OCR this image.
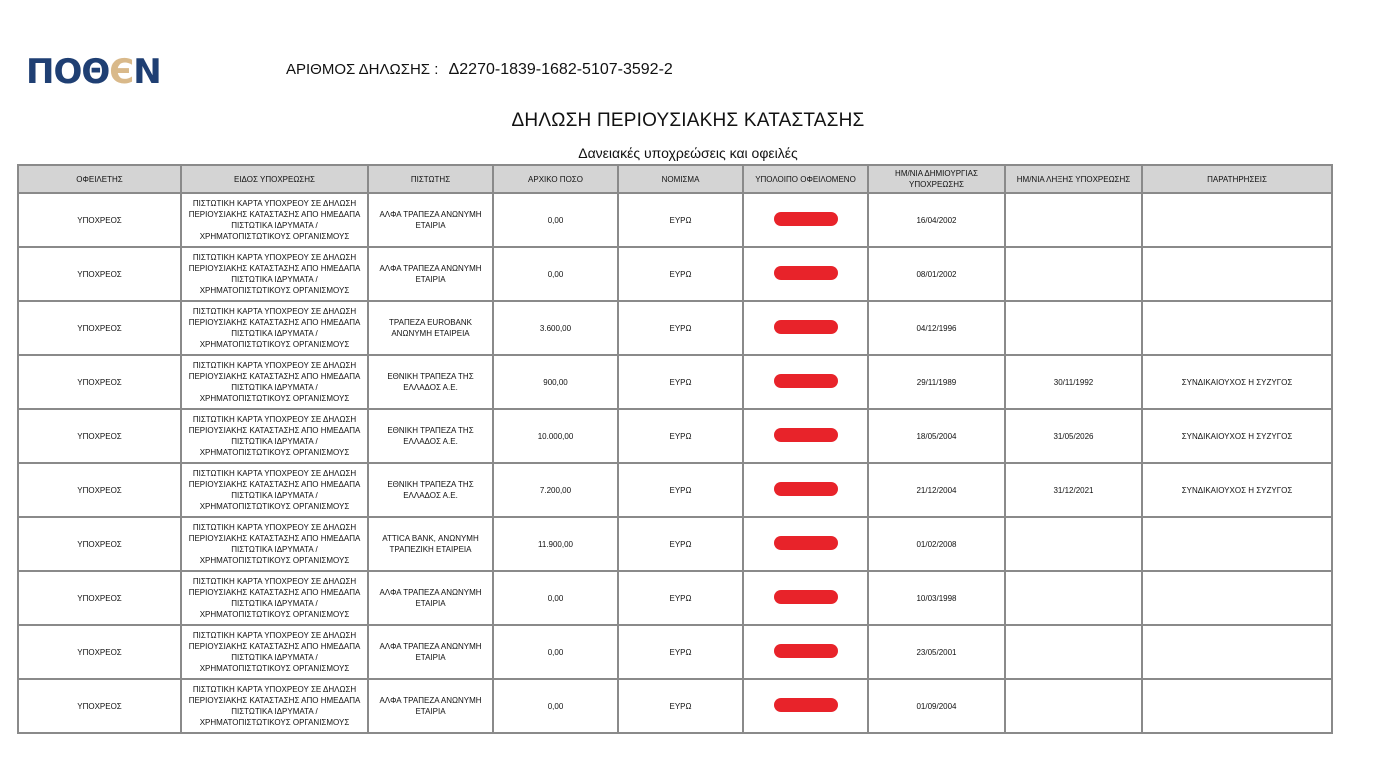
ΠΟΘЄΝ	ΑΡΙΘΜΟΣ ΔΗΛΩΣΗΣ : Δ2270-1839-1682-5107-3592-2
ΔΗΛΩΣΗ ΠΕΡΙΟΥΣΙΑΚΗΣ ΚΑΤΑΣΤΑΣΗΣ
Δανειακές υποχρεώσεις και οφειλές
ΟΦΕΙΛΕΤΗΣ	ΕΙΔΟΣ ΥΠΟΧΡΕΩΣΗΣ	ΠΙΣΤΩΤΗΣ	ΑΡΧΙΚΟ ΠΟΣΟ	ΝΟΜΙΣΜΑ	ΥΠΟΛΟΙΠΟ ΟΦΕΙΛΟΜΕΝΟ	ΗΜ/ΝΙΑ ΔΗΜΙΟΥΡΓΙΑΣ ΥΠΟΧΡΕΩΣΗΣ	ΗΜ/ΝΙΑ ΛΗΞΗΣ ΥΠΟΧΡΕΩΣΗΣ	ΠΑΡΑΤΗΡΗΣΕΙΣ
ΥΠΟΧΡΕΟΣ	ΠΙΣΤΩΤΙΚΗ ΚΑΡΤΑ ΥΠΟΧΡΕΟΥ ΣΕ ΔΗΛΩΣΗ ΠΕΡΙΟΥΣΙΑΚΗΣ ΚΑΤΑΣΤΑΣΗΣ ΑΠΟ ΗΜΕΔΑΠΑ ΠΙΣΤΩΤΙΚΑ ΙΔΡΥΜΑΤΑ / ΧΡΗΜΑΤΟΠΙΣΤΩΤΙΚΟΥΣ ΟΡΓΑΝΙΣΜΟΥΣ	ΑΛΦΑ ΤΡΑΠΕΖΑ ΑΝΩΝΥΜΗ ΕΤΑΙΡΙΑ	0,00	ΕΥΡΩ		16/04/2002		
ΥΠΟΧΡΕΟΣ	ΠΙΣΤΩΤΙΚΗ ΚΑΡΤΑ ΥΠΟΧΡΕΟΥ ΣΕ ΔΗΛΩΣΗ ΠΕΡΙΟΥΣΙΑΚΗΣ ΚΑΤΑΣΤΑΣΗΣ ΑΠΟ ΗΜΕΔΑΠΑ ΠΙΣΤΩΤΙΚΑ ΙΔΡΥΜΑΤΑ / ΧΡΗΜΑΤΟΠΙΣΤΩΤΙΚΟΥΣ ΟΡΓΑΝΙΣΜΟΥΣ	ΑΛΦΑ ΤΡΑΠΕΖΑ ΑΝΩΝΥΜΗ ΕΤΑΙΡΙΑ	0,00	ΕΥΡΩ		08/01/2002		
ΥΠΟΧΡΕΟΣ	ΠΙΣΤΩΤΙΚΗ ΚΑΡΤΑ ΥΠΟΧΡΕΟΥ ΣΕ ΔΗΛΩΣΗ ΠΕΡΙΟΥΣΙΑΚΗΣ ΚΑΤΑΣΤΑΣΗΣ ΑΠΟ ΗΜΕΔΑΠΑ ΠΙΣΤΩΤΙΚΑ ΙΔΡΥΜΑΤΑ / ΧΡΗΜΑΤΟΠΙΣΤΩΤΙΚΟΥΣ ΟΡΓΑΝΙΣΜΟΥΣ	ΤΡΑΠΕΖΑ EUROBANK ΑΝΩΝΥΜΗ ΕΤΑΙΡΕΙΑ	3.600,00	ΕΥΡΩ		04/12/1996		
ΥΠΟΧΡΕΟΣ	ΠΙΣΤΩΤΙΚΗ ΚΑΡΤΑ ΥΠΟΧΡΕΟΥ ΣΕ ΔΗΛΩΣΗ ΠΕΡΙΟΥΣΙΑΚΗΣ ΚΑΤΑΣΤΑΣΗΣ ΑΠΟ ΗΜΕΔΑΠΑ ΠΙΣΤΩΤΙΚΑ ΙΔΡΥΜΑΤΑ / ΧΡΗΜΑΤΟΠΙΣΤΩΤΙΚΟΥΣ ΟΡΓΑΝΙΣΜΟΥΣ	ΕΘΝΙΚΗ ΤΡΑΠΕΖΑ ΤΗΣ ΕΛΛΑΔΟΣ Α.Ε.	900,00	ΕΥΡΩ		29/11/1989	30/11/1992	ΣΥΝΔΙΚΑΙΟΥΧΟΣ Η ΣΥΖΥΓΟΣ
ΥΠΟΧΡΕΟΣ	ΠΙΣΤΩΤΙΚΗ ΚΑΡΤΑ ΥΠΟΧΡΕΟΥ ΣΕ ΔΗΛΩΣΗ ΠΕΡΙΟΥΣΙΑΚΗΣ ΚΑΤΑΣΤΑΣΗΣ ΑΠΟ ΗΜΕΔΑΠΑ ΠΙΣΤΩΤΙΚΑ ΙΔΡΥΜΑΤΑ / ΧΡΗΜΑΤΟΠΙΣΤΩΤΙΚΟΥΣ ΟΡΓΑΝΙΣΜΟΥΣ	ΕΘΝΙΚΗ ΤΡΑΠΕΖΑ ΤΗΣ ΕΛΛΑΔΟΣ Α.Ε.	10.000,00	ΕΥΡΩ		18/05/2004	31/05/2026	ΣΥΝΔΙΚΑΙΟΥΧΟΣ Η ΣΥΖΥΓΟΣ
ΥΠΟΧΡΕΟΣ	ΠΙΣΤΩΤΙΚΗ ΚΑΡΤΑ ΥΠΟΧΡΕΟΥ ΣΕ ΔΗΛΩΣΗ ΠΕΡΙΟΥΣΙΑΚΗΣ ΚΑΤΑΣΤΑΣΗΣ ΑΠΟ ΗΜΕΔΑΠΑ ΠΙΣΤΩΤΙΚΑ ΙΔΡΥΜΑΤΑ / ΧΡΗΜΑΤΟΠΙΣΤΩΤΙΚΟΥΣ ΟΡΓΑΝΙΣΜΟΥΣ	ΕΘΝΙΚΗ ΤΡΑΠΕΖΑ ΤΗΣ ΕΛΛΑΔΟΣ Α.Ε.	7.200,00	ΕΥΡΩ		21/12/2004	31/12/2021	ΣΥΝΔΙΚΑΙΟΥΧΟΣ Η ΣΥΖΥΓΟΣ
ΥΠΟΧΡΕΟΣ	ΠΙΣΤΩΤΙΚΗ ΚΑΡΤΑ ΥΠΟΧΡΕΟΥ ΣΕ ΔΗΛΩΣΗ ΠΕΡΙΟΥΣΙΑΚΗΣ ΚΑΤΑΣΤΑΣΗΣ ΑΠΟ ΗΜΕΔΑΠΑ ΠΙΣΤΩΤΙΚΑ ΙΔΡΥΜΑΤΑ / ΧΡΗΜΑΤΟΠΙΣΤΩΤΙΚΟΥΣ ΟΡΓΑΝΙΣΜΟΥΣ	ATTICA BANK, ΑΝΩΝΥΜΗ ΤΡΑΠΕΖΙΚΗ ΕΤΑΙΡΕΙΑ	11.900,00	ΕΥΡΩ		01/02/2008		
ΥΠΟΧΡΕΟΣ	ΠΙΣΤΩΤΙΚΗ ΚΑΡΤΑ ΥΠΟΧΡΕΟΥ ΣΕ ΔΗΛΩΣΗ ΠΕΡΙΟΥΣΙΑΚΗΣ ΚΑΤΑΣΤΑΣΗΣ ΑΠΟ ΗΜΕΔΑΠΑ ΠΙΣΤΩΤΙΚΑ ΙΔΡΥΜΑΤΑ / ΧΡΗΜΑΤΟΠΙΣΤΩΤΙΚΟΥΣ ΟΡΓΑΝΙΣΜΟΥΣ	ΑΛΦΑ ΤΡΑΠΕΖΑ ΑΝΩΝΥΜΗ ΕΤΑΙΡΙΑ	0,00	ΕΥΡΩ		10/03/1998		
ΥΠΟΧΡΕΟΣ	ΠΙΣΤΩΤΙΚΗ ΚΑΡΤΑ ΥΠΟΧΡΕΟΥ ΣΕ ΔΗΛΩΣΗ ΠΕΡΙΟΥΣΙΑΚΗΣ ΚΑΤΑΣΤΑΣΗΣ ΑΠΟ ΗΜΕΔΑΠΑ ΠΙΣΤΩΤΙΚΑ ΙΔΡΥΜΑΤΑ / ΧΡΗΜΑΤΟΠΙΣΤΩΤΙΚΟΥΣ ΟΡΓΑΝΙΣΜΟΥΣ	ΑΛΦΑ ΤΡΑΠΕΖΑ ΑΝΩΝΥΜΗ ΕΤΑΙΡΙΑ	0,00	ΕΥΡΩ		23/05/2001		
ΥΠΟΧΡΕΟΣ	ΠΙΣΤΩΤΙΚΗ ΚΑΡΤΑ ΥΠΟΧΡΕΟΥ ΣΕ ΔΗΛΩΣΗ ΠΕΡΙΟΥΣΙΑΚΗΣ ΚΑΤΑΣΤΑΣΗΣ ΑΠΟ ΗΜΕΔΑΠΑ ΠΙΣΤΩΤΙΚΑ ΙΔΡΥΜΑΤΑ / ΧΡΗΜΑΤΟΠΙΣΤΩΤΙΚΟΥΣ ΟΡΓΑΝΙΣΜΟΥΣ	ΑΛΦΑ ΤΡΑΠΕΖΑ ΑΝΩΝΥΜΗ ΕΤΑΙΡΙΑ	0,00	ΕΥΡΩ		01/09/2004		
